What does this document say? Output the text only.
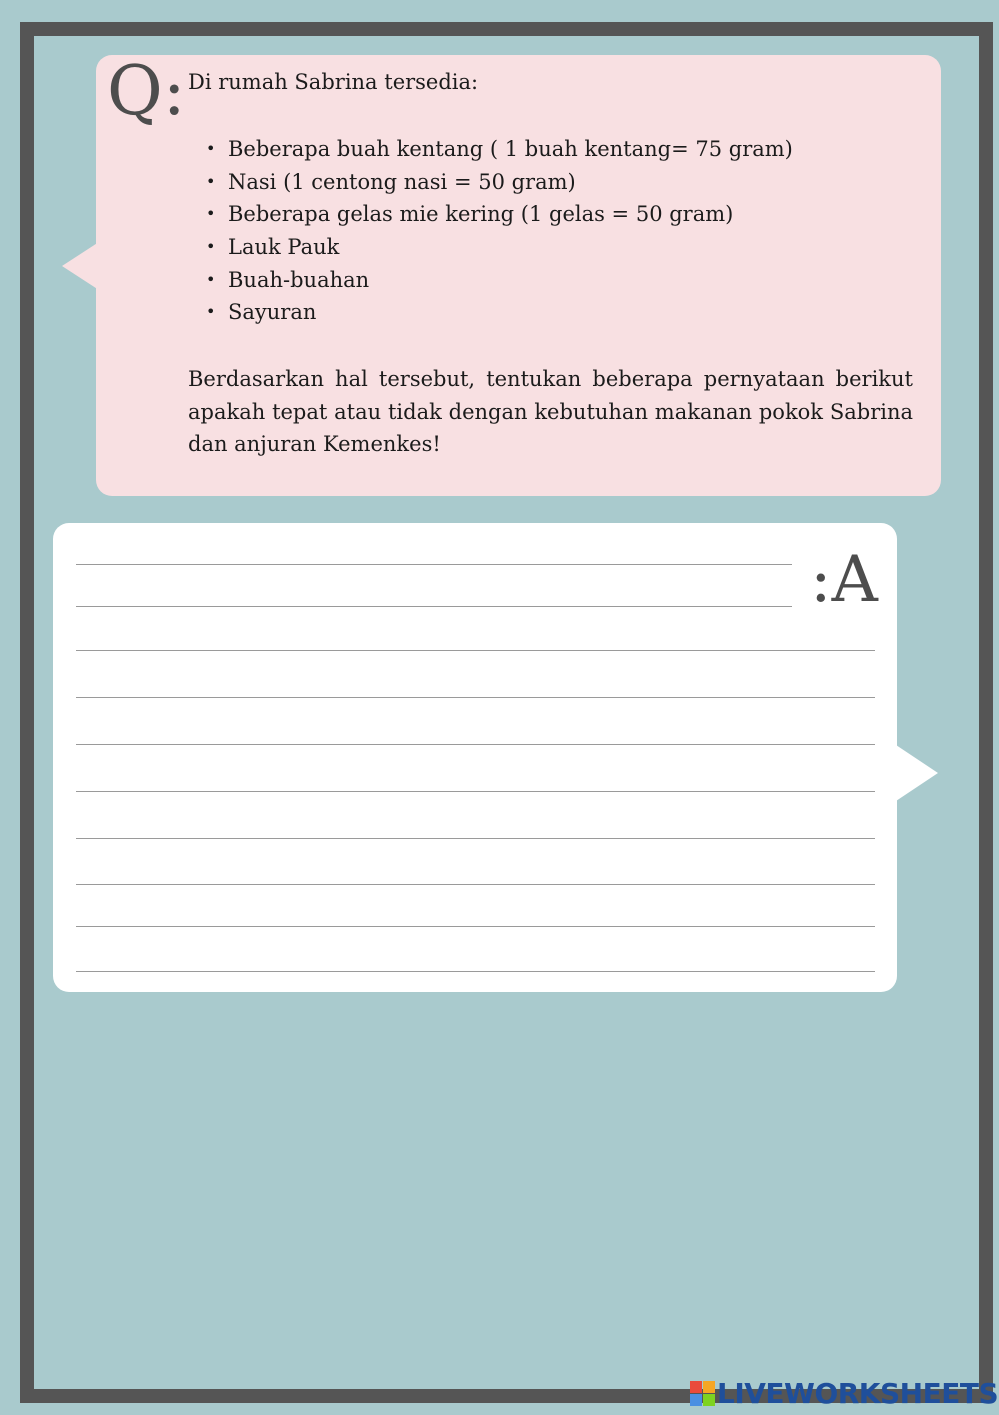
Q: Di rumah Sabrina tersedia:
• Beberapa buah kentang ( 1 buah kentang= 75 gram)
• Nasi (1 centong nasi = 50 gram)
• Beberapa gelas mie kering (1 gelas = 50 gram)
• Lauk Pauk
• Buah-buahan
• Sayuran
Berdasarkan hal tersebut, tentukan beberapa pernyataan berikut apakah tepat atau tidak dengan kebutuhan makanan pokok Sabrina dan anjuran Kemenkes!
:A
LIVEWORKSHEETS
